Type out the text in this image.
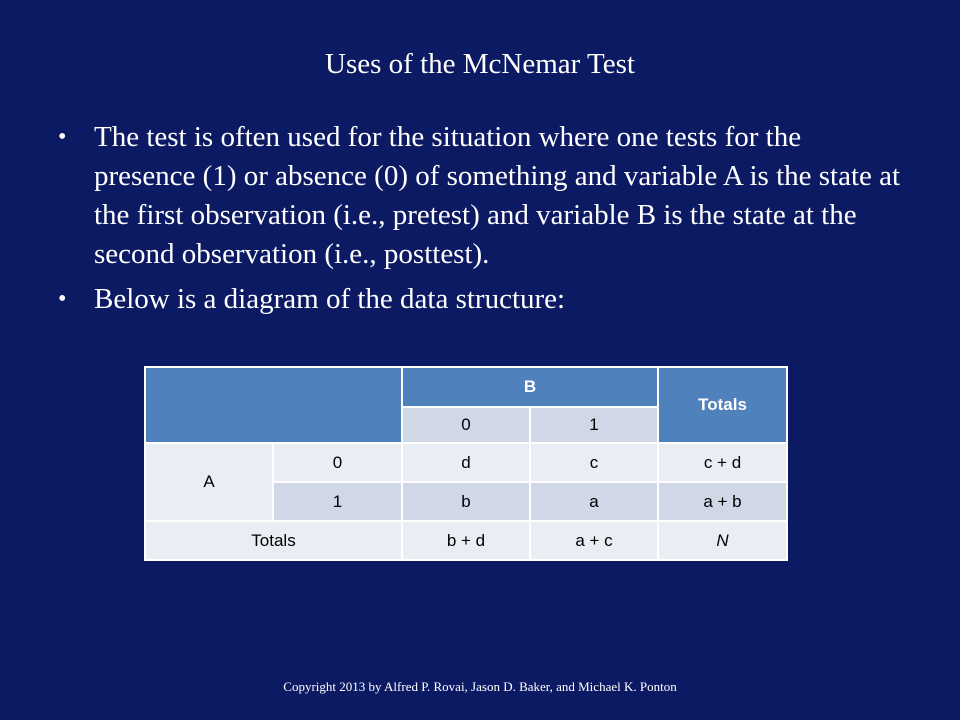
Uses of the McNemar Test
• The test is often used for the situation where one tests for the presence (1) or absence (0) of something and variable A is the state at the first observation (i.e., pretest) and variable B is the state at the second observation (i.e., posttest).
• Below is a diagram of the data structure:
		B		Totals
		0	1	
A	0	d	c	c + d
	1	b	a	a + b
Totals		b + d	a + c	N
Copyright 2013 by Alfred P. Rovai, Jason D. Baker, and Michael K. Ponton
